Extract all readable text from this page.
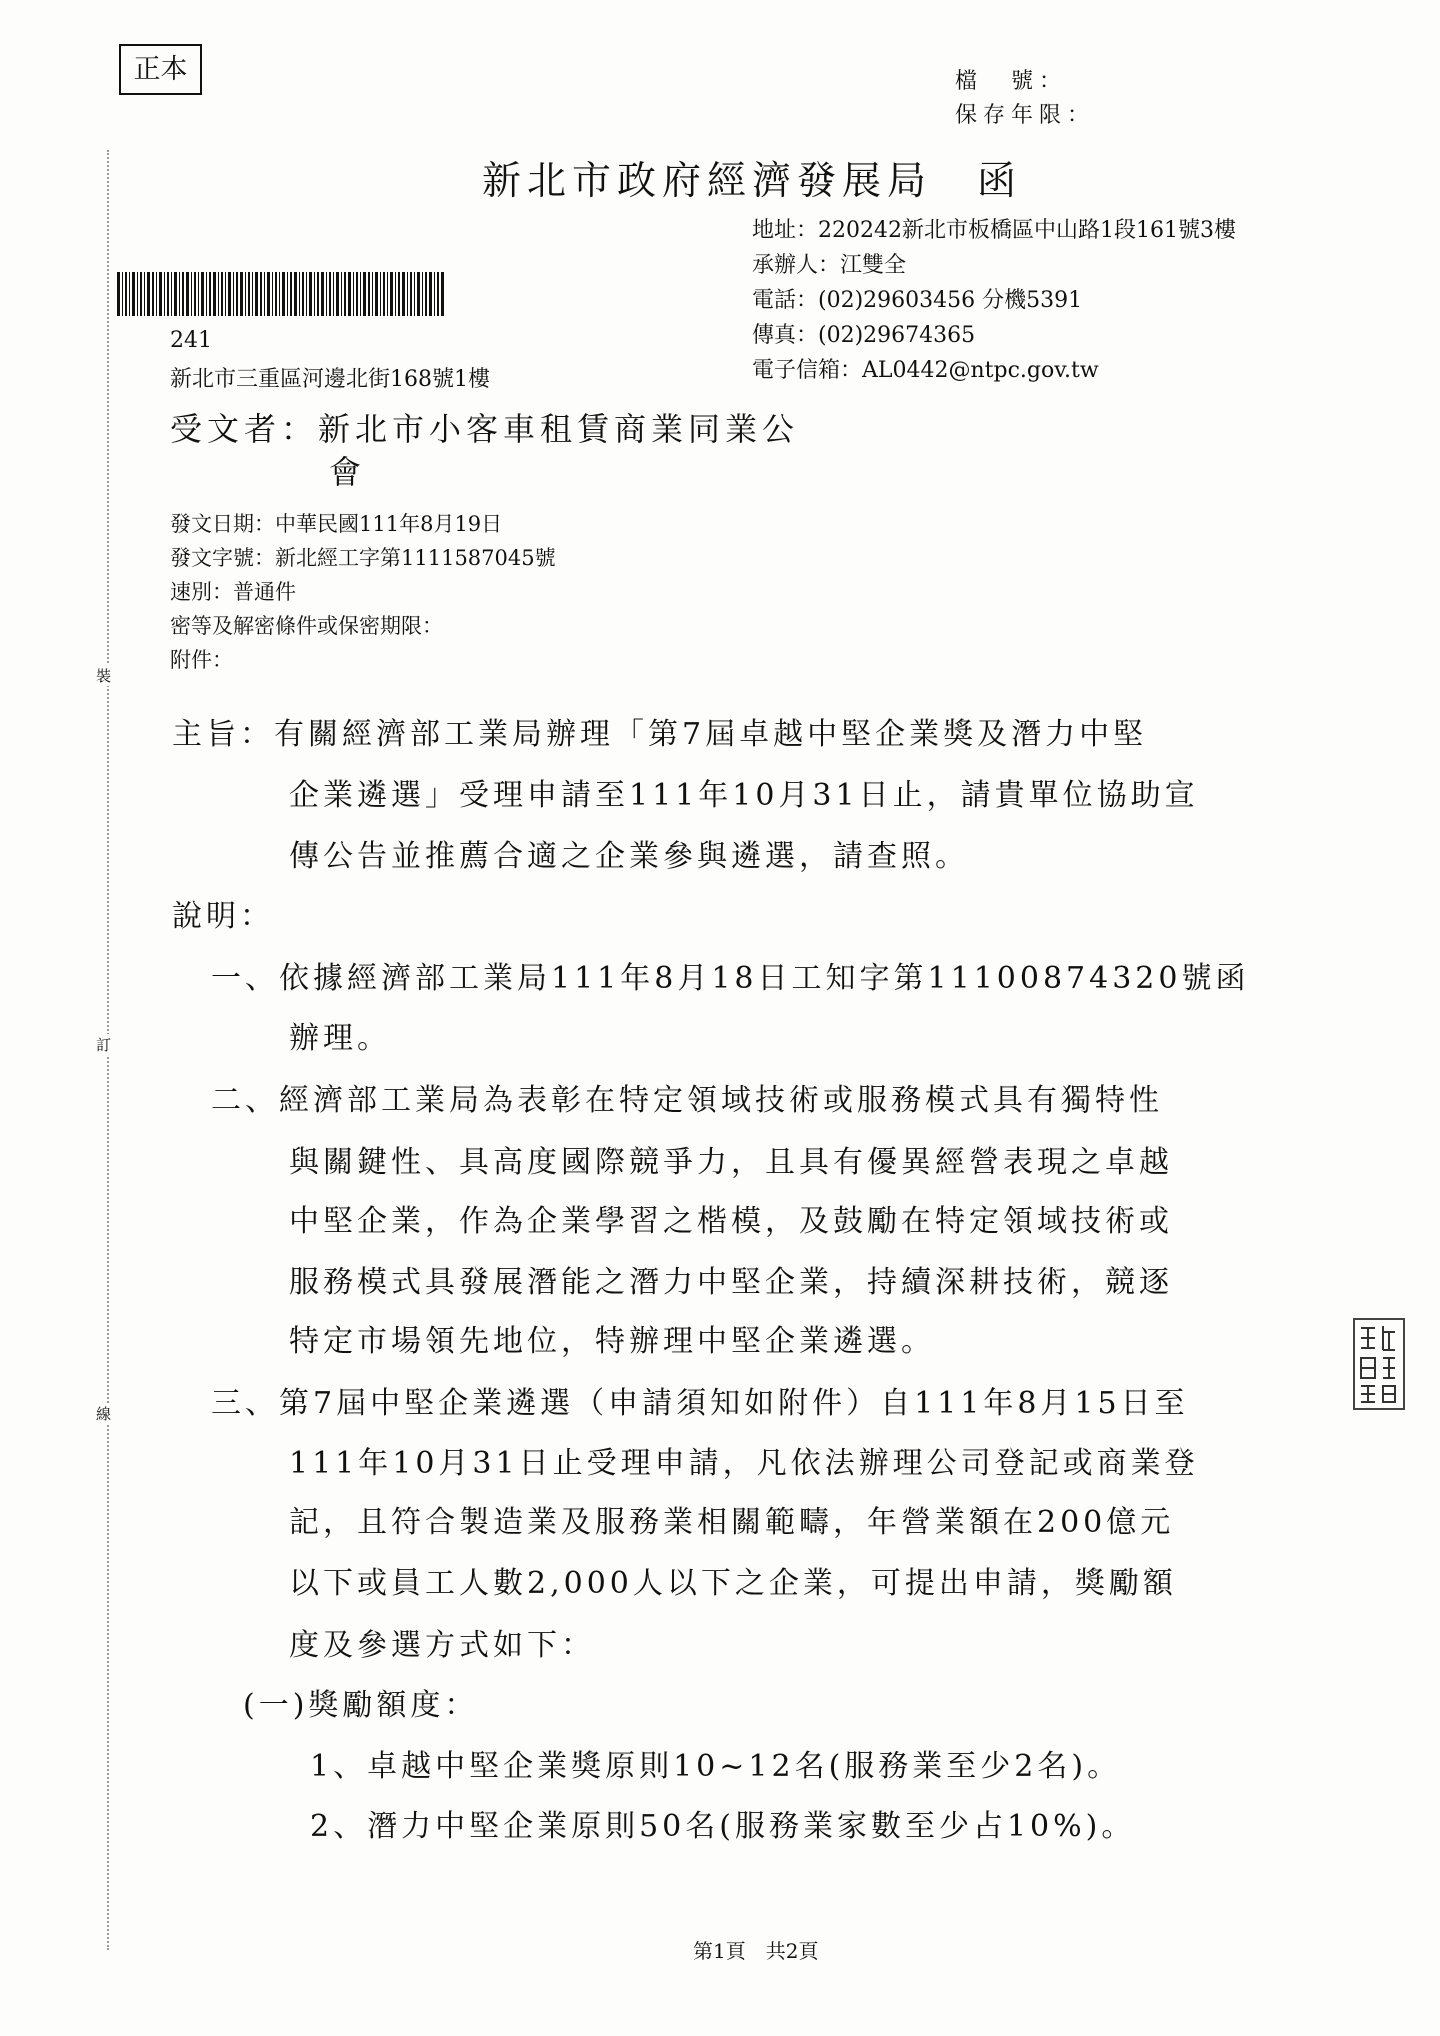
正本	檔　號：
保存年限：
新北市政府經濟發展局　函
地址：220242新北市板橋區中山路1段161號3樓
承辦人：江雙全
電話：(02)29603456 分機5391
傳真：(02)29674365
電子信箱：AL0442@ntpc.gov.tw
241
新北市三重區河邊北街168號1樓
受文者：新北市小客車租賃商業同業公
會
發文日期：中華民國111年8月19日
發文字號：新北經工字第1111587045號
速別：普通件
密等及解密條件或保密期限：
附件：
裝
訂
線
主旨：有關經濟部工業局辦理「第7屆卓越中堅企業獎及潛力中堅
企業遴選」受理申請至111年10月31日止，請貴單位協助宣
傳公告並推薦合適之企業參與遴選，請查照。
說明：
一、依據經濟部工業局111年8月18日工知字第11100874320號函
辦理。
二、經濟部工業局為表彰在特定領域技術或服務模式具有獨特性
與關鍵性、具高度國際競爭力，且具有優異經營表現之卓越
中堅企業，作為企業學習之楷模，及鼓勵在特定領域技術或
服務模式具發展潛能之潛力中堅企業，持續深耕技術，競逐
特定市場領先地位，特辦理中堅企業遴選。
三、第7屆中堅企業遴選（申請須知如附件）自111年8月15日至
111年10月31日止受理申請，凡依法辦理公司登記或商業登
記，且符合製造業及服務業相關範疇，年營業額在200億元
以下或員工人數2,000人以下之企業，可提出申請，獎勵額
度及參選方式如下：
(一)獎勵額度：
1、卓越中堅企業獎原則10~12名(服務業至少2名)。
2、潛力中堅企業原則50名(服務業家數至少占10%)。
第1頁　共2頁
